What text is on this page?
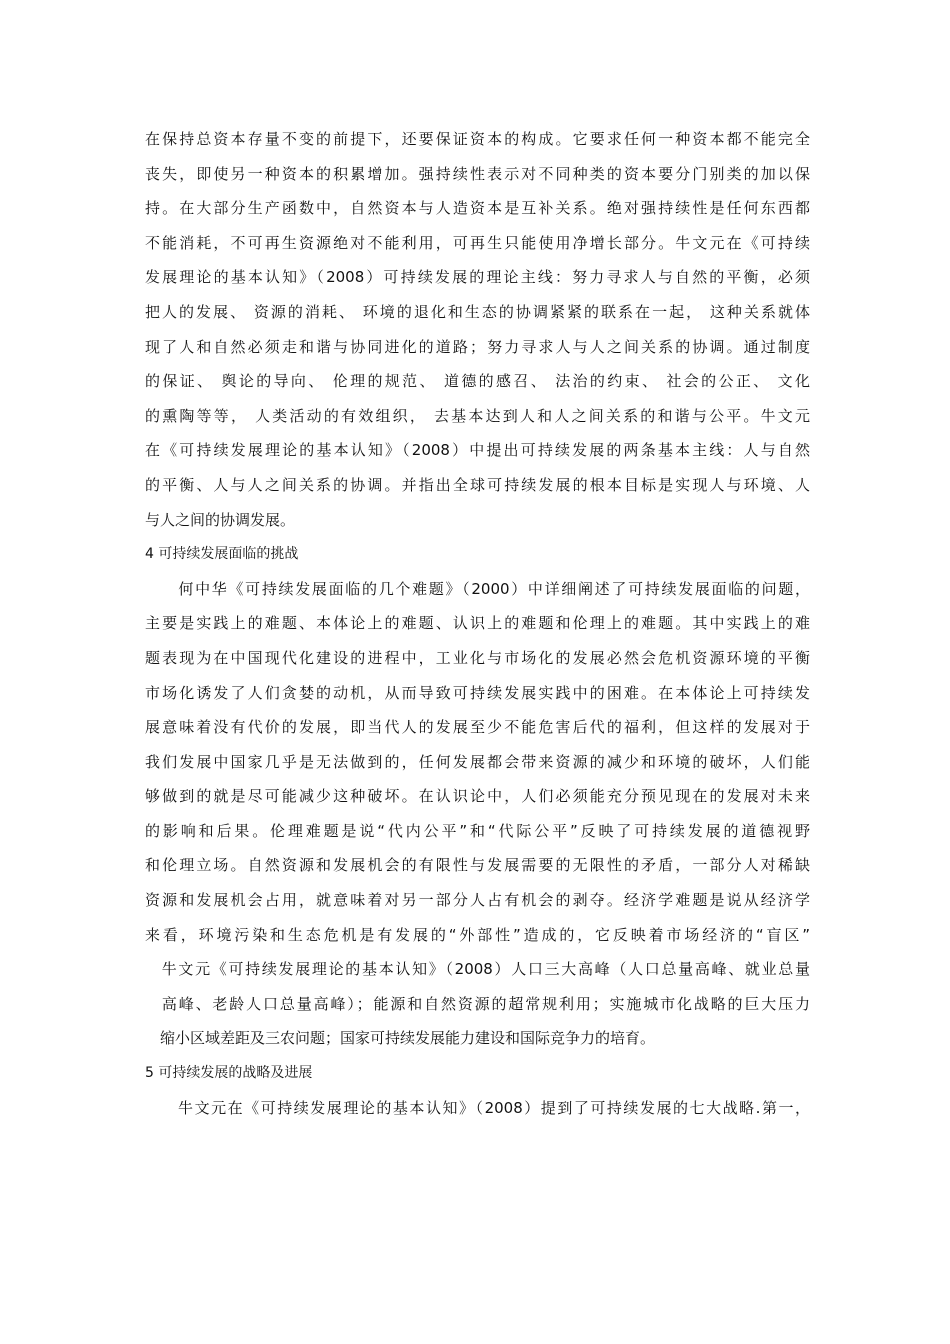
在保持总资本存量不变的前提下，还要保证资本的构成。它要求任何一种资本都不能完全
丧失，即使另一种资本的积累增加。强持续性表示对不同种类的资本要分门别类的加以保
持。在大部分生产函数中，自然资本与人造资本是互补关系。绝对强持续性是任何东西都
不能消耗，不可再生资源绝对不能利用，可再生只能使用净增长部分。牛文元在《可持续
发展理论的基本认知》（2008）可持续发展的理论主线：努力寻求人与自然的平衡，必须
把人的发展、 资源的消耗、 环境的退化和生态的协调紧紧的联系在一起， 这种关系就体
现了人和自然必须走和谐与协同进化的道路；努力寻求人与人之间关系的协调。通过制度
的保证、 舆论的导向、 伦理的规范、 道德的感召、 法治的约束、 社会的公正、 文化
的熏陶等等， 人类活动的有效组织， 去基本达到人和人之间关系的和谐与公平。牛文元
在《可持续发展理论的基本认知》（2008）中提出可持续发展的两条基本主线：人与自然
的平衡、人与人之间关系的协调。并指出全球可持续发展的根本目标是实现人与环境、人
与人之间的协调发展。
4 可持续发展面临的挑战
　　何中华《可持续发展面临的几个难题》（2000）中详细阐述了可持续发展面临的问题，
主要是实践上的难题、本体论上的难题、认识上的难题和伦理上的难题。其中实践上的难
题表现为在中国现代化建设的进程中，工业化与市场化的发展必然会危机资源环境的平衡
市场化诱发了人们贪婪的动机，从而导致可持续发展实践中的困难。在本体论上可持续发
展意味着没有代价的发展，即当代人的发展至少不能危害后代的福利，但这样的发展对于
我们发展中国家几乎是无法做到的，任何发展都会带来资源的减少和环境的破坏，人们能
够做到的就是尽可能减少这种破坏。在认识论中，人们必须能充分预见现在的发展对未来
的影响和后果。伦理难题是说“代内公平”和“代际公平”反映了可持续发展的道德视野
和伦理立场。自然资源和发展机会的有限性与发展需要的无限性的矛盾，一部分人对稀缺
资源和发展机会占用，就意味着对另一部分人占有机会的剥夺。经济学难题是说从经济学
来看，环境污染和生态危机是有发展的“外部性”造成的，它反映着市场经济的“盲区”
　牛文元《可持续发展理论的基本认知》（2008）人口三大高峰（人口总量高峰、就业总量
　高峰、老龄人口总量高峰）；能源和自然资源的超常规利用；实施城市化战略的巨大压力
　缩小区域差距及三农问题；国家可持续发展能力建设和国际竞争力的培育。
5 可持续发展的战略及进展
　　牛文元在《可持续发展理论的基本认知》（2008）提到了可持续发展的七大战略.第一，
